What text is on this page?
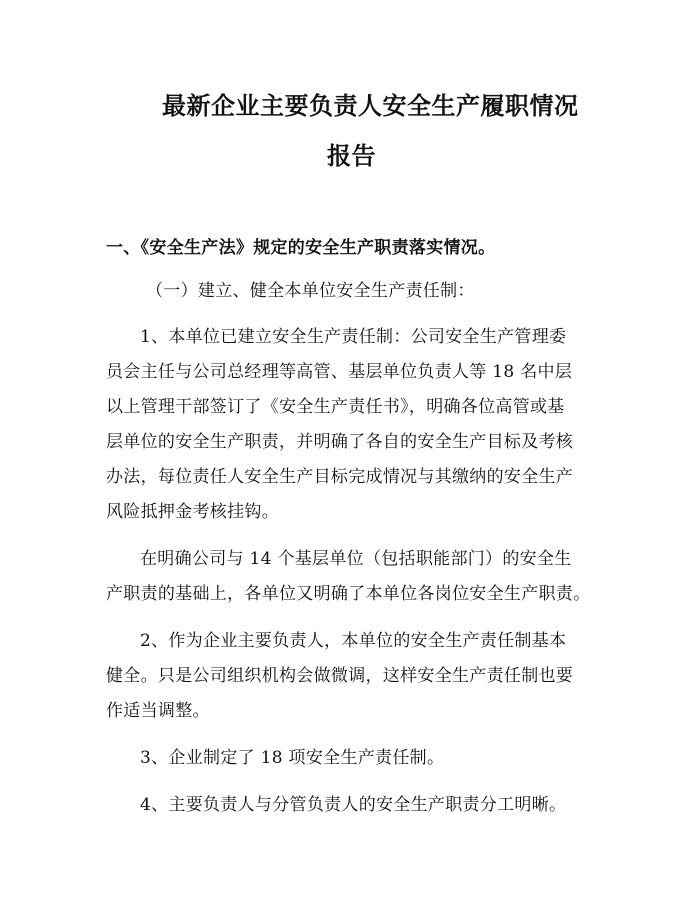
最新企业主要负责人安全生产履职情况
报告

一、《安全生产法》规定的安全生产职责落实情况。

（一）建立、健全本单位安全生产责任制：

1、本单位已建立安全生产责任制：公司安全生产管理委

员会主任与公司总经理等高管、基层单位负责人等 18 名中层

以上管理干部签订了《安全生产责任书》，明确各位高管或基

层单位的安全生产职责，并明确了各自的安全生产目标及考核

办法，每位责任人安全生产目标完成情况与其缴纳的安全生产

风险抵押金考核挂钩。

在明确公司与 14 个基层单位（包括职能部门）的安全生

产职责的基础上，各单位又明确了本单位各岗位安全生产职责。

2、作为企业主要负责人，本单位的安全生产责任制基本

健全。只是公司组织机构会做微调，这样安全生产责任制也要

作适当调整。

3、企业制定了 18 项安全生产责任制。

4、主要负责人与分管负责人的安全生产职责分工明晰。
